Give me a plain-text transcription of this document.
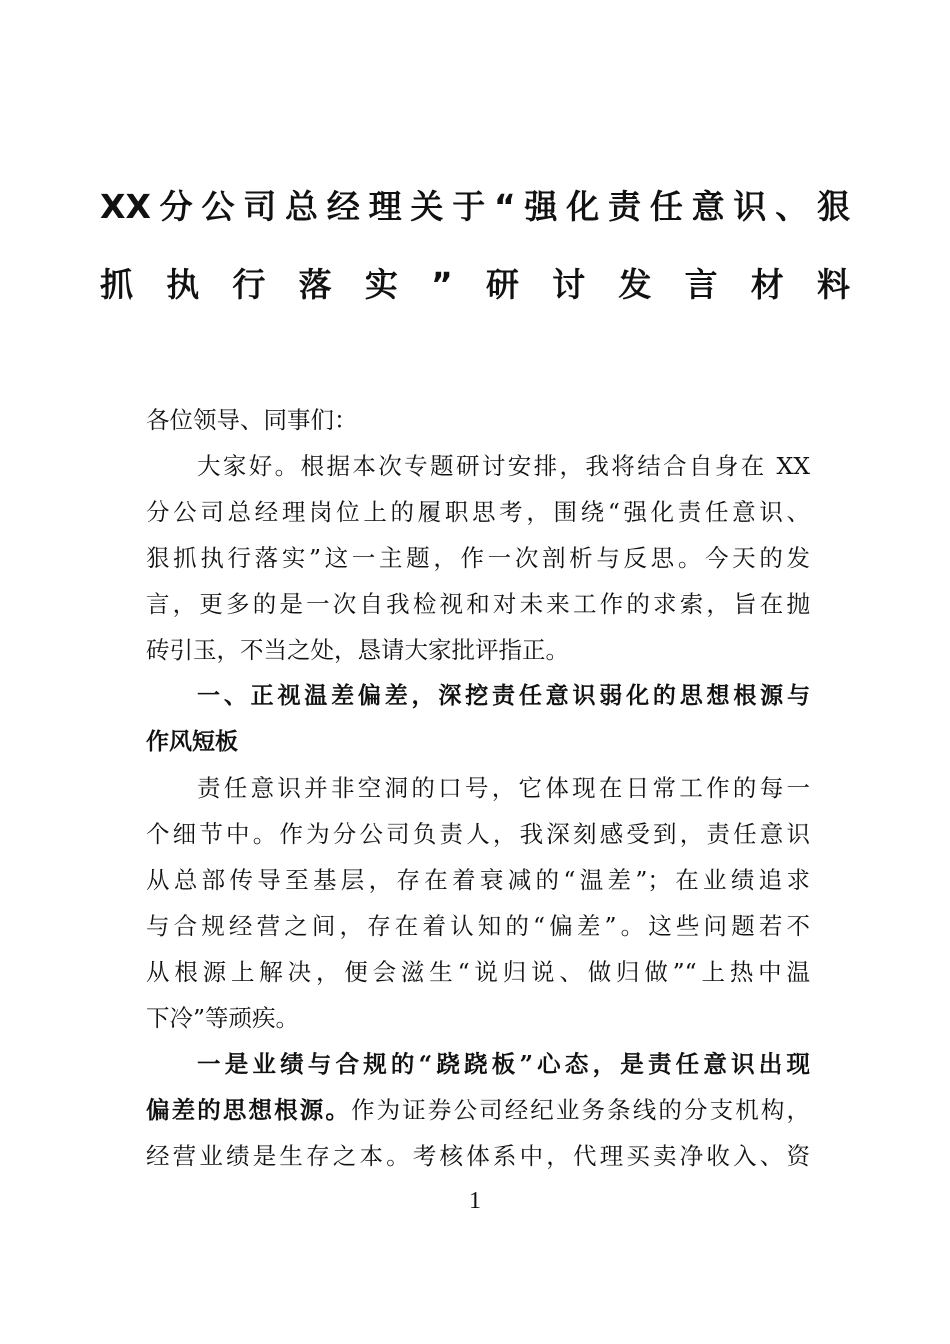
XX分公司总经理关于“强化责任意识、狠
抓执行落实”研讨发言材料

各位领导、同事们：

大家好。根据本次专题研讨安排，我将结合自身在 XX
分公司总经理岗位上的履职思考，围绕“强化责任意识、
狠抓执行落实”这一主题，作一次剖析与反思。今天的发
言，更多的是一次自我检视和对未来工作的求索，旨在抛
砖引玉，不当之处，恳请大家批评指正。

一、正视温差偏差，深挖责任意识弱化的思想根源与
作风短板

责任意识并非空洞的口号，它体现在日常工作的每一
个细节中。作为分公司负责人，我深刻感受到，责任意识
从总部传导至基层，存在着衰减的“温差”；在业绩追求
与合规经营之间，存在着认知的“偏差”。这些问题若不
从根源上解决，便会滋生“说归说、做归做”“上热中温
下冷”等顽疾。

一是业绩与合规的“跷跷板”心态，是责任意识出现
偏差的思想根源。作为证券公司经纪业务条线的分支机构，
经营业绩是生存之本。考核体系中，代理买卖净收入、资

1
